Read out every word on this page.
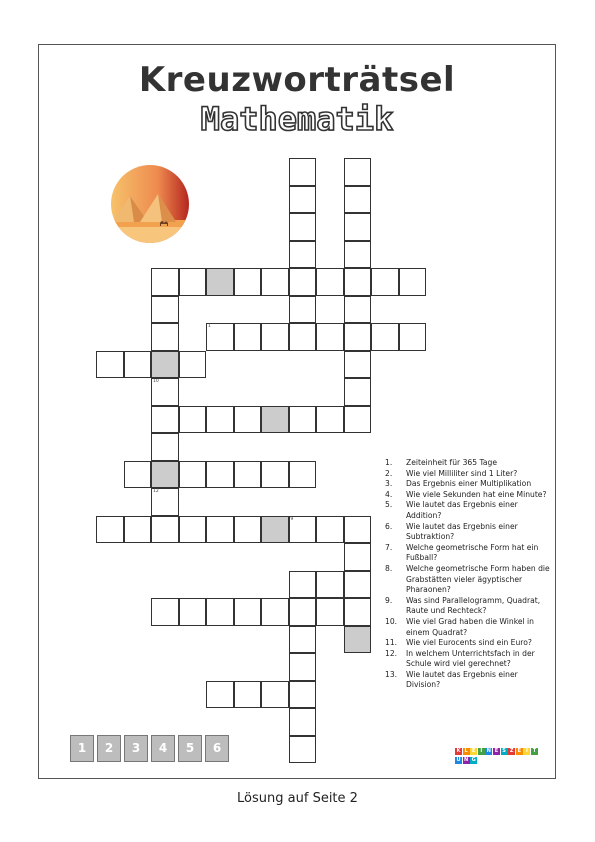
Kreuzworträtsel
Mathematik
1
10
12
9
1. Zeiteinheit für 365 Tage
2. Wie viel Milliliter sind 1 Liter?
3. Das Ergebnis einer Multiplikation
4. Wie viele Sekunden hat eine Minute?
5. Wie lautet das Ergebnis einer Addition?
6. Wie lautet das Ergebnis einer Subtraktion?
7. Welche geometrische Form hat ein Fußball?
8. Welche geometrische Form haben die Grabstätten vieler ägyptischer Pharaonen?
9. Was sind Parallelogramm, Quadrat, Raute und Rechteck?
10. Wie viel Grad haben die Winkel in einem Quadrat?
11. Wie viel Eurocents sind ein Euro?
12. In welchem Unterrichtsfach in der Schule wird viel gerechnet?
13. Wie lautet das Ergebnis einer Division?
1	2	3	4	5	6	K L E I N E S Z E I T
U N G
Lösung auf Seite 2
